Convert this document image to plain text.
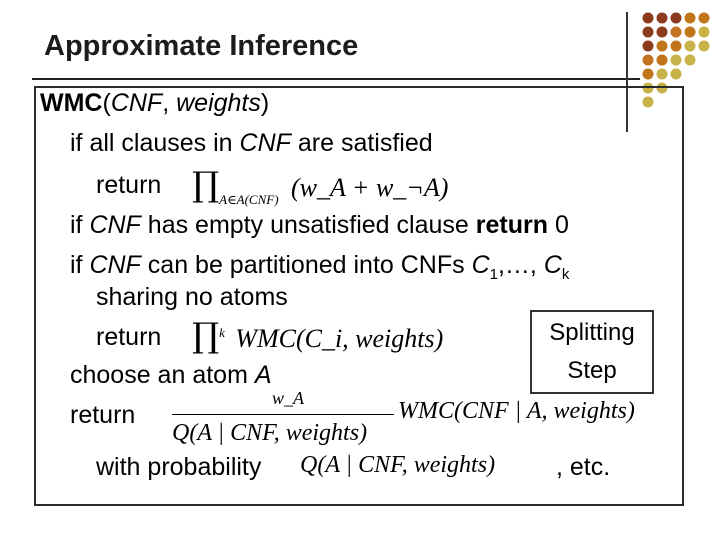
Approximate Inference
WMC(CNF, weights)
if all clauses in CNF are satisfied
return $\prod_{A\in A(CNF)}$ (w_A + w_¬A)
if CNF has empty unsatisfied clause return 0
if CNF can be partitioned into CNFs $C_1,\dots$, $C_k$
sharing no atoms
return ∏$^k$ WMC(C_i, weights)	Splitting
Step
choose an atom A
return
w_A
Q(A | CNF, weights)
WMC(CNF | A, weights)
with probability Q(A | CNF, weights) , etc.
